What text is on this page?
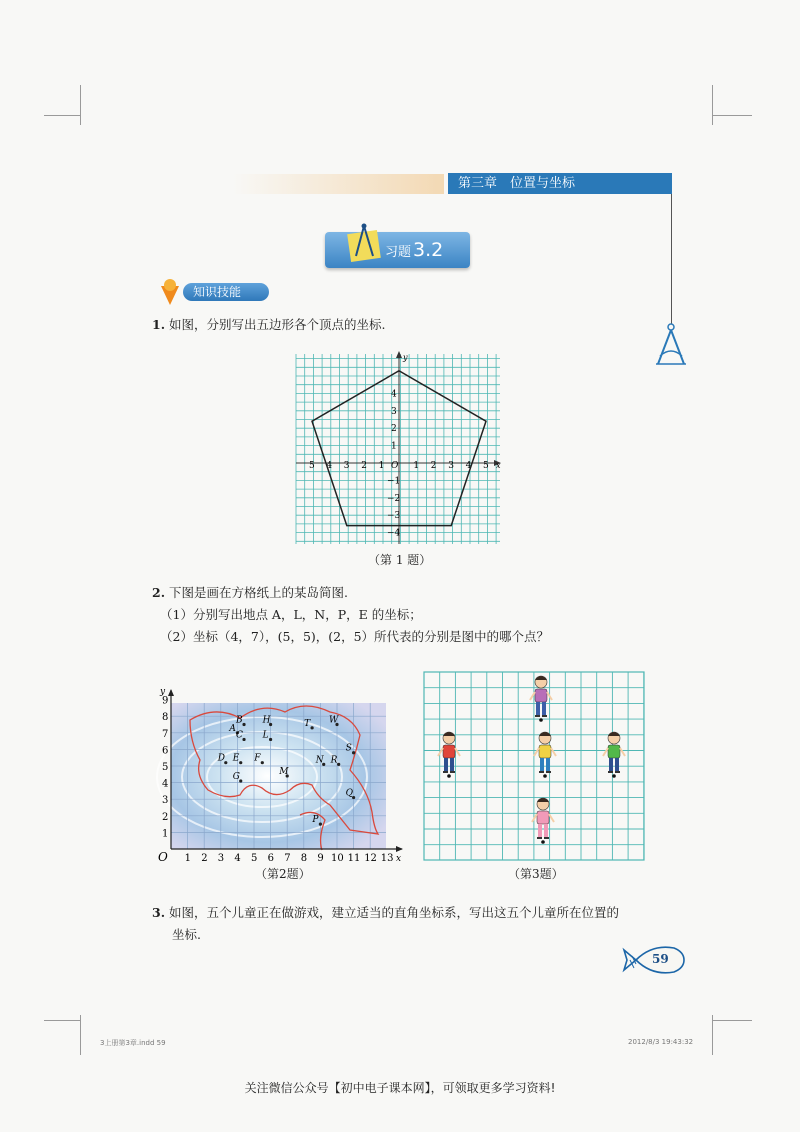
第三章　位置与坐标
习题 3.2
知识技能
1. 如图，分别写出五边形各个顶点的坐标.
x
y
5 4 3 2 1 O 1 2 3 4 5
4
3
2
1
−1
−2
−3
−4
（第 1 题）
2. 下图是画在方格纸上的某岛简图.
（1）分别写出地点 A，L，N，P，E 的坐标；
（2）坐标（4，7），(5，5)，(2，5）所代表的分别是图中的哪个点？
x
y
O 1 2 3 4 5 6 7 8 9 10 11 12 13
1
2
3
4
5
6
7
8
9
A
B
C
H
L
T W
D E F
G	M
N R
S
Q
P
（第2题）	（第3题）
3. 如图，五个儿童正在做游戏，建立适当的直角坐标系，写出这五个儿童所在位置的
坐标.
59
3上册第3章.indd 59	2012/8/3 19:43:32
关注微信公众号【初中电子课本网】，可领取更多学习资料!
